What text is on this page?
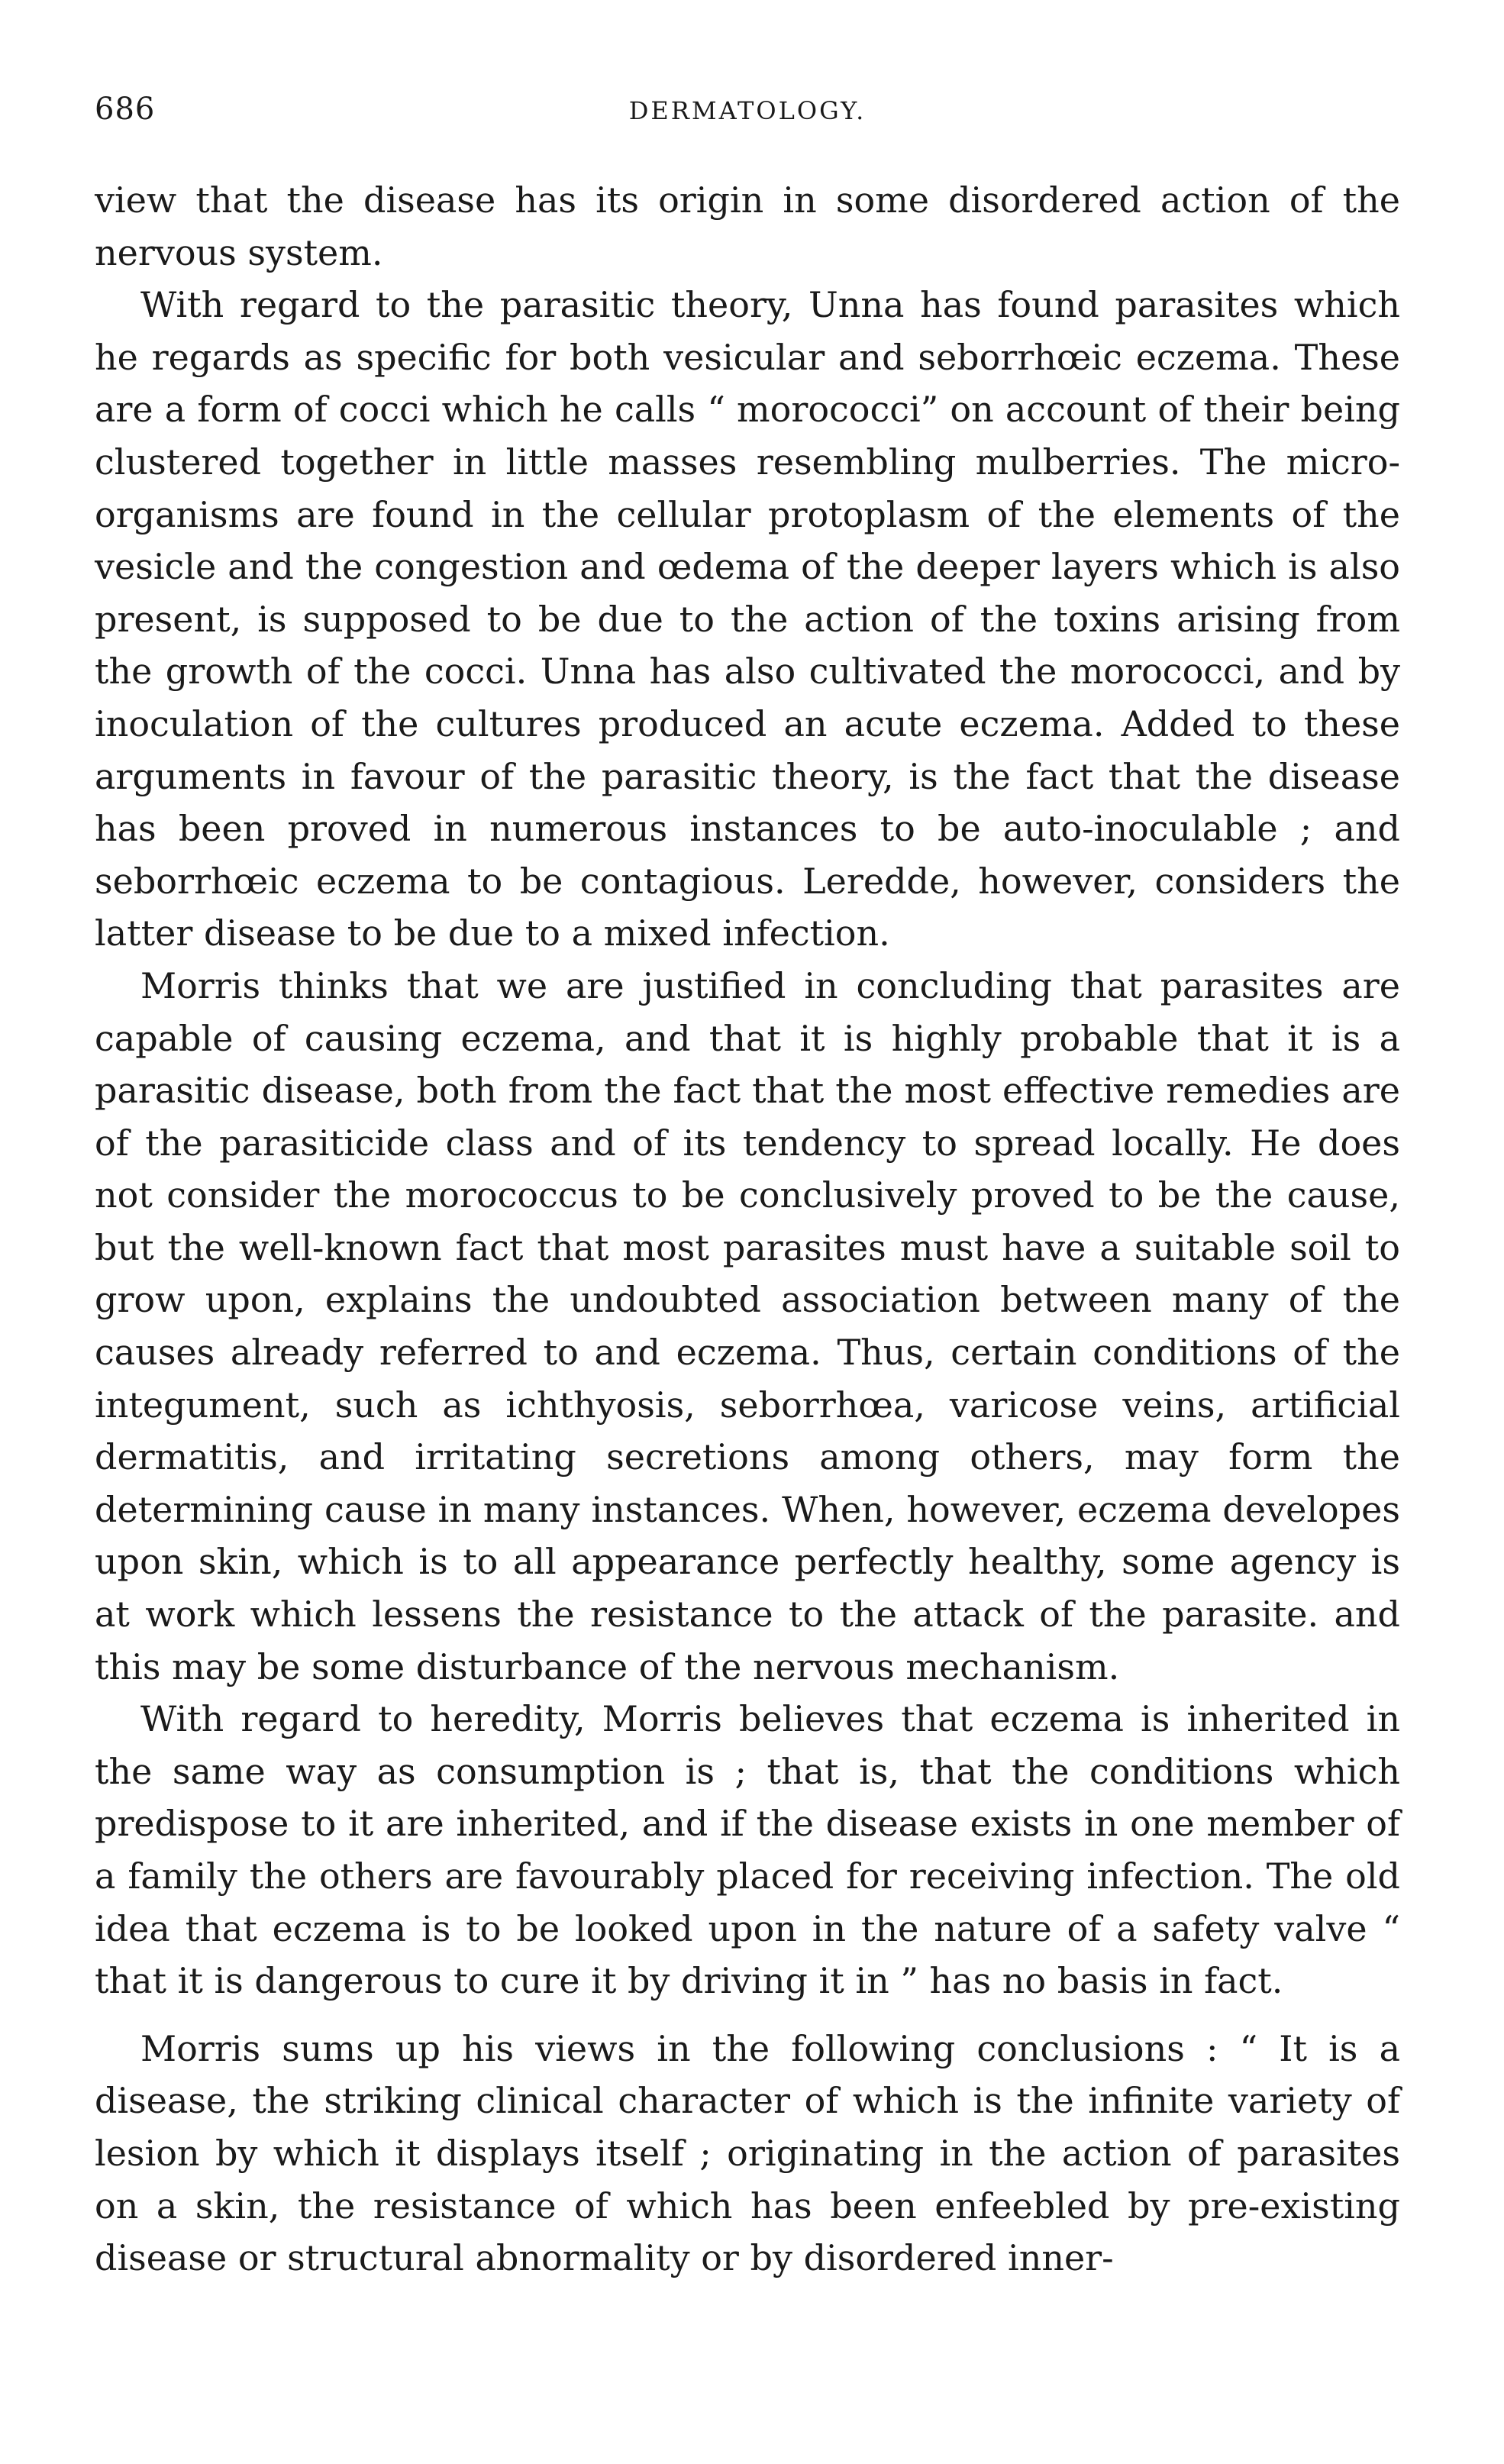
686	DERMATOLOGY.

view that the disease has its origin in some disordered action of the nervous system.

With regard to the parasitic theory, Unna has found parasites which he regards as specific for both vesicular and seborrhœic eczema. These are a form of cocci which he calls “ morococci” on account of their being clustered together in little masses resembling mulberries. The micro-organisms are found in the cellular protoplasm of the elements of the vesicle and the congestion and œdema of the deeper layers which is also present, is supposed to be due to the action of the toxins arising from the growth of the cocci. Unna has also cultivated the morococci, and by inoculation of the cultures produced an acute eczema. Added to these arguments in favour of the parasitic theory, is the fact that the disease has been proved in numerous instances to be auto-inoculable ; and seborrhœic eczema to be contagious. Leredde, however, considers the latter disease to be due to a mixed infection.

Morris thinks that we are justified in concluding that parasites are capable of causing eczema, and that it is highly probable that it is a parasitic disease, both from the fact that the most effective remedies are of the parasiticide class and of its tendency to spread locally. He does not consider the morococcus to be conclusively proved to be the cause, but the well-known fact that most parasites must have a suitable soil to grow upon, explains the undoubted association between many of the causes already referred to and eczema. Thus, certain conditions of the integument, such as ichthyosis, seborrhœa, varicose veins, artificial dermatitis, and irritating secretions among others, may form the determining cause in many instances. When, however, eczema developes upon skin, which is to all appearance perfectly healthy, some agency is at work which lessens the resistance to the attack of the parasite. and this may be some disturbance of the nervous mechanism.

With regard to heredity, Morris believes that eczema is inherited in the same way as consumption is ; that is, that the conditions which predispose to it are inherited, and if the disease exists in one member of a family the others are favourably placed for receiving infection. The old idea that eczema is to be looked upon in the nature of a safety valve “ that it is dangerous to cure it by driving it in ” has no basis in fact.

Morris sums up his views in the following conclusions : “ It is a disease, the striking clinical character of which is the infinite variety of lesion by which it displays itself ; originating in the action of parasites on a skin, the resistance of which has been enfeebled by pre-existing disease or structural abnormality or by disordered inner-
